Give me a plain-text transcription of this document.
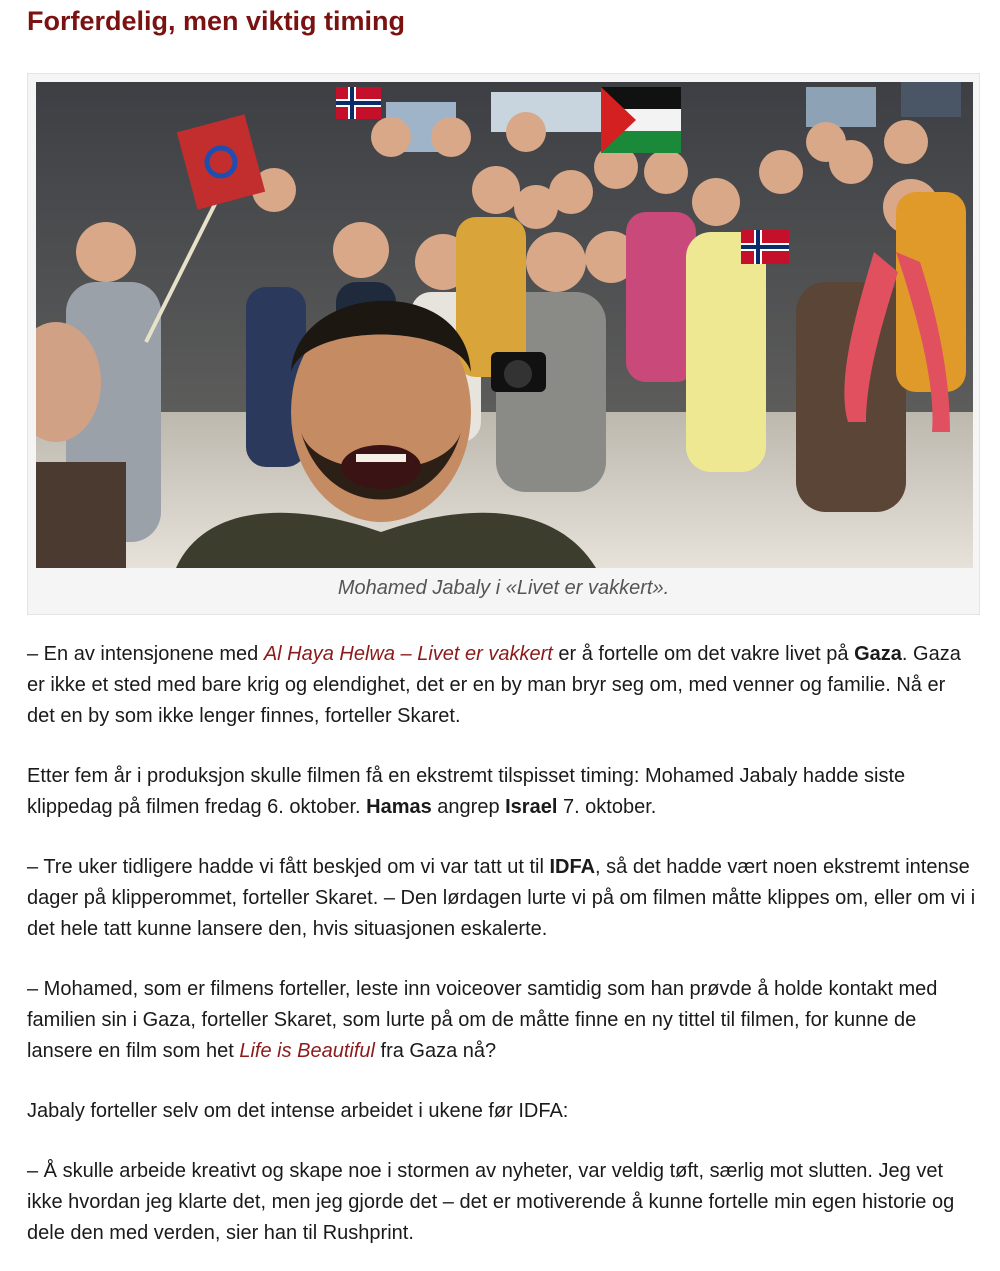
Forferdelig, men viktig timing
Mohamed Jabaly i «Livet er vakkert».

– En av intensjonene med Al Haya Helwa – Livet er vakkert er å fortelle om det vakre livet på Gaza. Gaza er ikke et sted med bare krig og elendighet, det er en by man bryr seg om, med venner og familie. Nå er det en by som ikke lenger finnes, forteller Skaret.

Etter fem år i produksjon skulle filmen få en ekstremt tilspisset timing: Mohamed Jabaly hadde siste klippedag på filmen fredag 6. oktober. Hamas angrep Israel 7. oktober.

– Tre uker tidligere hadde vi fått beskjed om vi var tatt ut til IDFA, så det hadde vært noen ekstremt intense dager på klipperommet, forteller Skaret. – Den lørdagen lurte vi på om filmen måtte klippes om, eller om vi i det hele tatt kunne lansere den, hvis situasjonen eskalerte.

– Mohamed, som er filmens forteller, leste inn voiceover samtidig som han prøvde å holde kontakt med familien sin i Gaza, forteller Skaret, som lurte på om de måtte finne en ny tittel til filmen, for kunne de lansere en film som het Life is Beautiful fra Gaza nå?

Jabaly forteller selv om det intense arbeidet i ukene før IDFA:

– Å skulle arbeide kreativt og skape noe i stormen av nyheter, var veldig tøft, særlig mot slutten. Jeg vet ikke hvordan jeg klarte det, men jeg gjorde det – det er motiverende å kunne fortelle min egen historie og dele den med verden, sier han til Rushprint.
